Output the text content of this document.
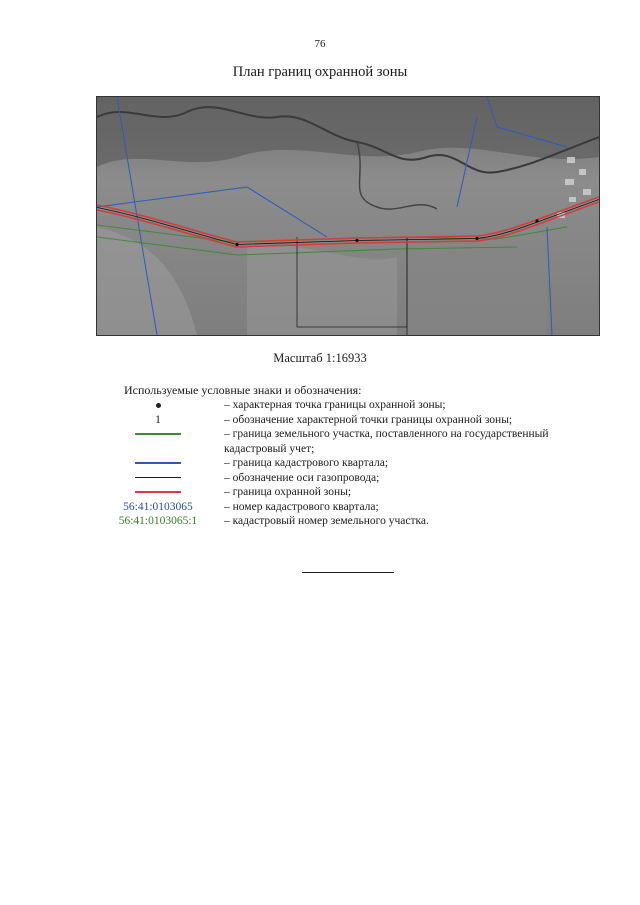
76
План границ охранной зоны
Масштаб 1:16933
Используемые условные знаки и обозначения:
– характерная точка границы охранной зоны;
1	– обозначение характерной точки границы охранной зоны;
– граница земельного участка, поставленного на государственный кадастровый учет;
– граница кадастрового квартала;
– обозначение оси газопровода;
– граница охранной зоны;
56:41:0103065	– номер кадастрового квартала;
56:41:0103065:1	– кадастровый номер земельного участка.
